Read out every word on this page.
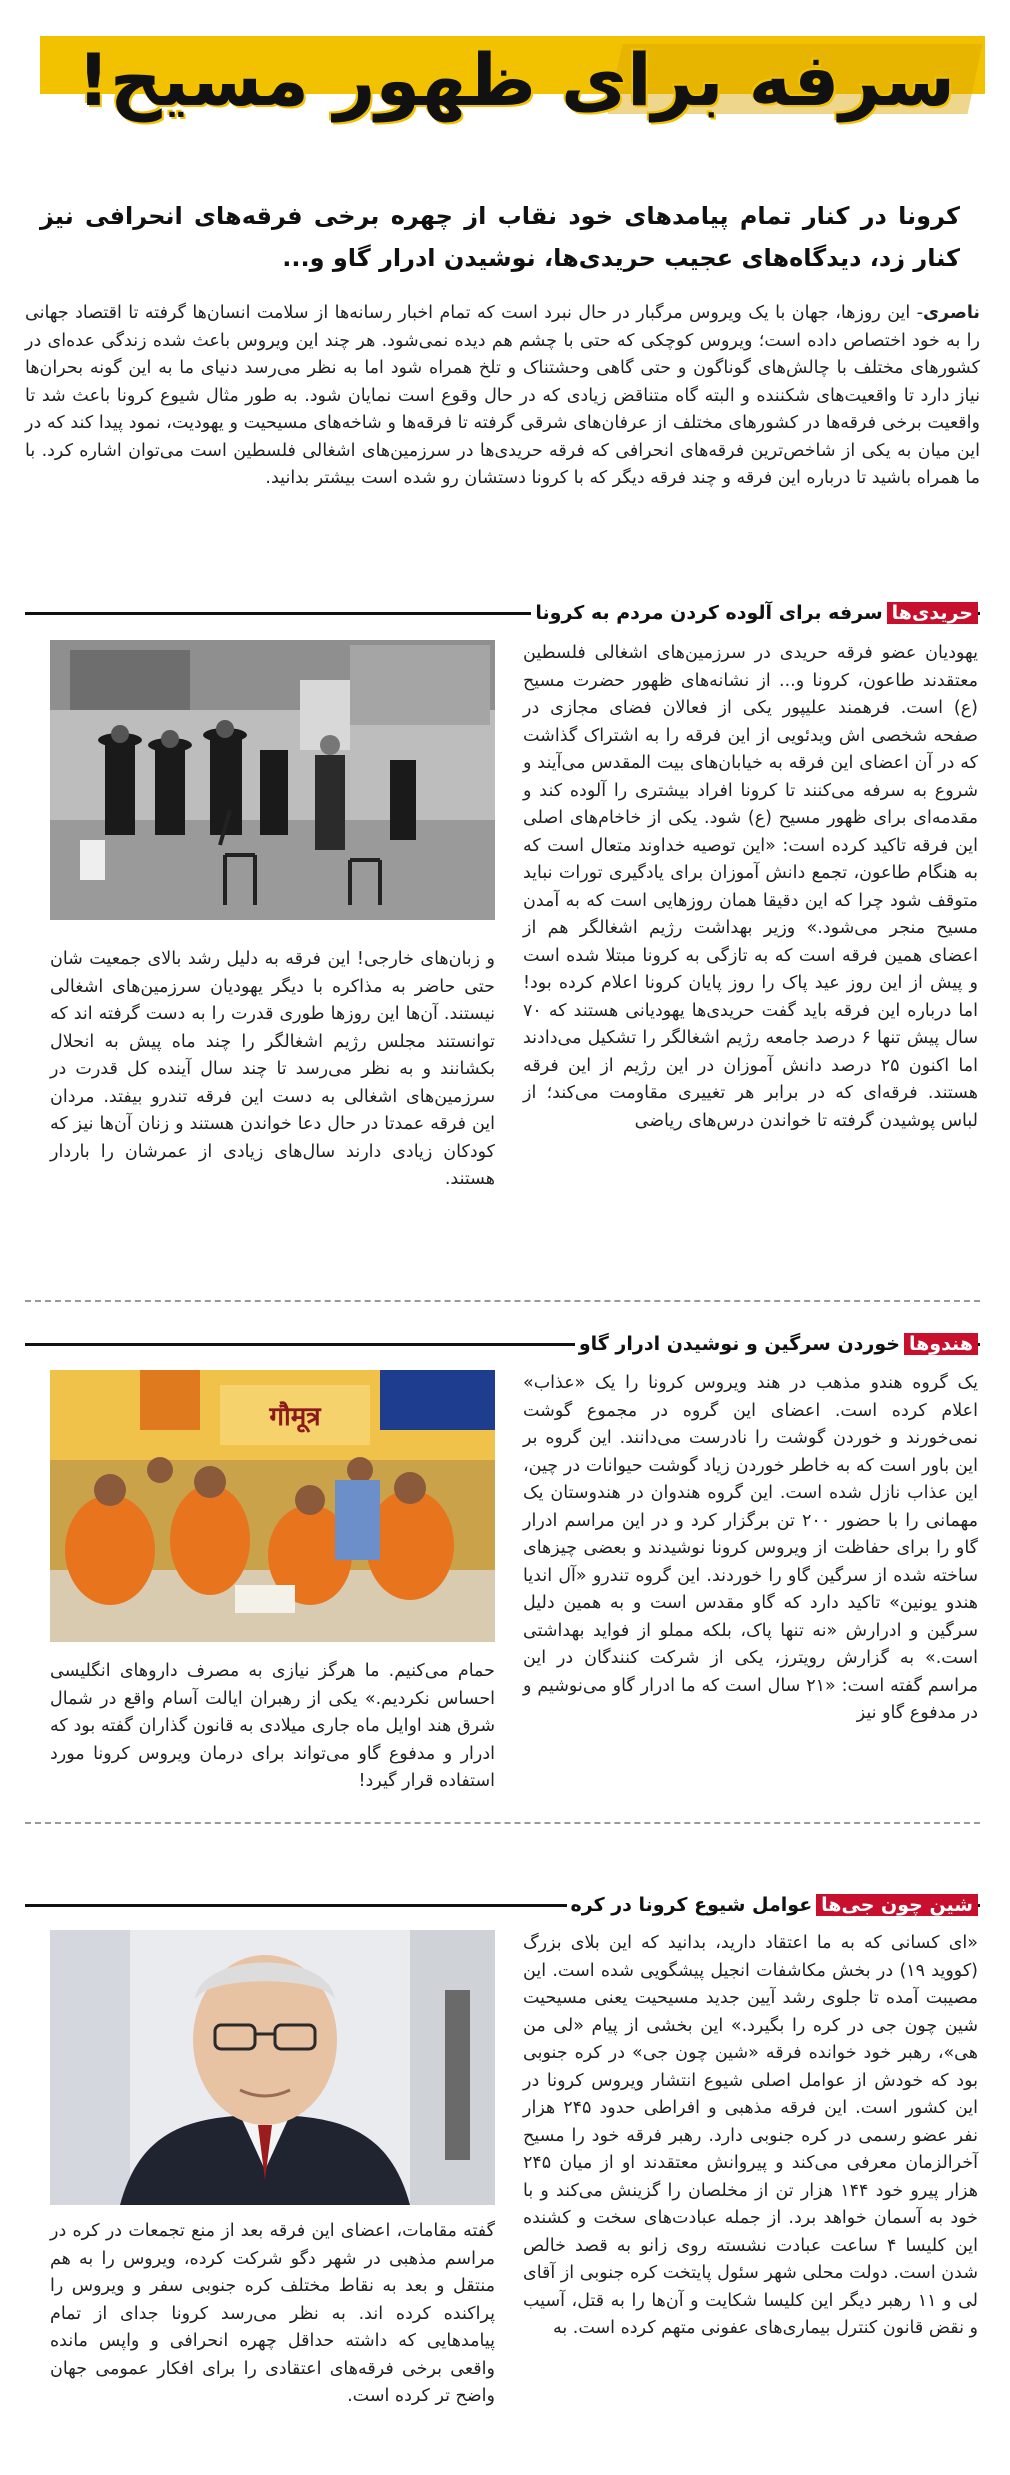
سرفه برای ظهور مسیح!

کرونا در کنار تمام پیامدهای خود نقاب از چهره برخی فرقه‌های انحرافی نیز کنار زد، دیدگاه‌های عجیب حریدی‌ها، نوشیدن ادرار گاو و...

ناصری- این روزها، جهان با یک ویروس مرگبار در حال نبرد است که تمام اخبار رسانه‌ها از سلامت انسان‌ها گرفته تا اقتصاد جهانی را به خود اختصاص داده است؛ ویروس کوچکی که حتی با چشم هم دیده نمی‌شود. هر چند این ویروس باعث شده زندگی عده‌ای در کشورهای مختلف با چالش‌های گوناگون و حتی گاهی وحشتناک و تلخ همراه شود اما به نظر می‌رسد دنیای ما به این گونه بحران‌ها نیاز دارد تا واقعیت‌های شکننده و البته گاه متناقض زیادی که در حال وقوع است نمایان شود. به طور مثال شیوع کرونا باعث شد تا واقعیت برخی فرقه‌ها در کشورهای مختلف از عرفان‌های شرقی گرفته تا فرقه‌ها و شاخه‌های مسیحیت و یهودیت، نمود پیدا کند که در این میان به یکی از شاخص‌ترین فرقه‌های انحرافی که فرقه حریدی‌ها در سرزمین‌های اشغالی فلسطین است می‌توان اشاره کرد. با ما همراه باشید تا درباره این فرقه و چند فرقه دیگر که با کرونا دستشان رو شده است بیشتر بدانید.

حریدی‌هاسرفه برای آلوده کردن مردم به کرونا

یهودیان عضو فرقه حریدی در سرزمین‌های اشغالی فلسطین معتقدند طاعون، کرونا و... از نشانه‌های ظهور حضرت مسیح (ع) است. فرهمند علیپور یکی از فعالان فضای مجازی در صفحه شخصی اش ویدئویی از این فرقه را به اشتراک گذاشت که در آن اعضای این فرقه به خیابان‌های بیت المقدس می‌آیند و شروع به سرفه می‌کنند تا کرونا افراد بیشتری را آلوده کند و مقدمه‌ای برای ظهور مسیح (ع) شود. یکی از خاخام‌های اصلی این فرقه تاکید کرده است: «این توصیه خداوند متعال است که به هنگام طاعون، تجمع دانش آموزان برای یادگیری تورات نباید متوقف شود چرا که این دقیقا همان روزهایی است که به آمدن مسیح منجر می‌شود.» وزیر بهداشت رژیم اشغالگر هم از اعضای همین فرقه است که به تازگی به کرونا مبتلا شده است و پیش از این روز عید پاک را روز پایان کرونا اعلام کرده بود! اما درباره این فرقه باید گفت حریدی‌ها یهودیانی هستند که ۷۰ سال پیش تنها ۶ درصد جامعه رژیم اشغالگر را تشکیل می‌دادند اما اکنون ۲۵ درصد دانش آموزان در این رژیم از این فرقه هستند. فرقه‌ای که در برابر هر تغییری مقاومت می‌کند؛ از لباس پوشیدن گرفته تا خواندن درس‌های ریاضی

و زبان‌های خارجی! این فرقه به دلیل رشد بالای جمعیت شان حتی حاضر به مذاکره با دیگر یهودیان سرزمین‌های اشغالی نیستند. آن‌ها این روزها طوری قدرت را به دست گرفته اند که توانستند مجلس رژیم اشغالگر را چند ماه پیش به انحلال بکشانند و به نظر می‌رسد تا چند سال آینده کل قدرت در سرزمین‌های اشغالی به دست این فرقه تندرو بیفتد. مردان این فرقه عمدتا در حال دعا خواندن هستند و زنان آن‌ها نیز که کودکان زیادی دارند سال‌های زیادی از عمرشان را باردار هستند.

هندوهاخوردن سرگین و نوشیدن ادرار گاو
गौमूत्र

یک گروه هندو مذهب در هند ویروس کرونا را یک «عذاب» اعلام کرده است. اعضای این گروه در مجموع گوشت نمی‌خورند و خوردن گوشت را نادرست می‌دانند. این گروه بر این باور است که به خاطر خوردن زیاد گوشت حیوانات در چین، این عذاب نازل شده است. این گروه هندوان در هندوستان یک مهمانی را با حضور ۲۰۰ تن برگزار کرد و در این مراسم ادرار گاو را برای حفاظت از ویروس کرونا نوشیدند و بعضی چیزهای ساخته شده از سرگین گاو را خوردند. این گروه تندرو «آل اندیا هندو یونین» تاکید دارد که گاو مقدس است و به همین دلیل سرگین و ادرارش «نه تنها پاک، بلکه مملو از فواید بهداشتی است.» به گزارش رویترز، یکی از شرکت کنندگان در این مراسم گفته است: «۲۱ سال است که ما ادرار گاو می‌نوشیم و در مدفوع گاو نیز

حمام می‌کنیم. ما هرگز نیازی به مصرف داروهای انگلیسی احساس نکردیم.» یکی از رهبران ایالت آسام واقع در شمال شرق هند اوایل ماه جاری میلادی به قانون گذاران گفته بود که ادرار و مدفوع گاو می‌تواند برای درمان ویروس کرونا مورد استفاده قرار گیرد!

شین چون جی‌هاعوامل شیوع کرونا در کره

«ای کسانی که به ما اعتقاد دارید، بدانید که این بلای بزرگ (کووید ۱۹) در بخش مکاشفات انجیل پیشگویی شده است. این مصیبت آمده تا جلوی رشد آیین جدید مسیحیت یعنی مسیحیت شین چون جی در کره را بگیرد.» این بخشی از پیام «لی من هی»، رهبر خود خوانده فرقه «شین چون جی» در کره جنوبی بود که خودش از عوامل اصلی شیوع انتشار ویروس کرونا در این کشور است. این فرقه مذهبی و افراطی حدود ۲۴۵ هزار نفر عضو رسمی در کره جنوبی دارد. رهبر فرقه خود را مسیح آخرالزمان معرفی می‌کند و پیروانش معتقدند او از میان ۲۴۵ هزار پیرو خود ۱۴۴ هزار تن از مخلصان را گزینش می‌کند و با خود به آسمان خواهد برد. از جمله عبادت‌های سخت و کشنده این کلیسا ۴ ساعت عبادت نشسته روی زانو به قصد خالص شدن است. دولت محلی شهر سئول پایتخت کره جنوبی از آقای لی و ۱۱ رهبر دیگر این کلیسا شکایت و آن‌ها را به قتل، آسیب و نقض قانون کنترل بیماری‌های عفونی متهم کرده است. به

گفته مقامات، اعضای این فرقه بعد از منع تجمعات در کره در مراسم مذهبی در شهر دگو شرکت کرده، ویروس را به هم منتقل و بعد به نقاط مختلف کره جنوبی سفر و ویروس را پراکنده کرده اند. به نظر می‌رسد کرونا جدای از تمام پیامدهایی که داشته حداقل چهره انحرافی و واپس مانده واقعی برخی فرقه‌های اعتقادی را برای افکار عمومی جهان واضح تر کرده است.
